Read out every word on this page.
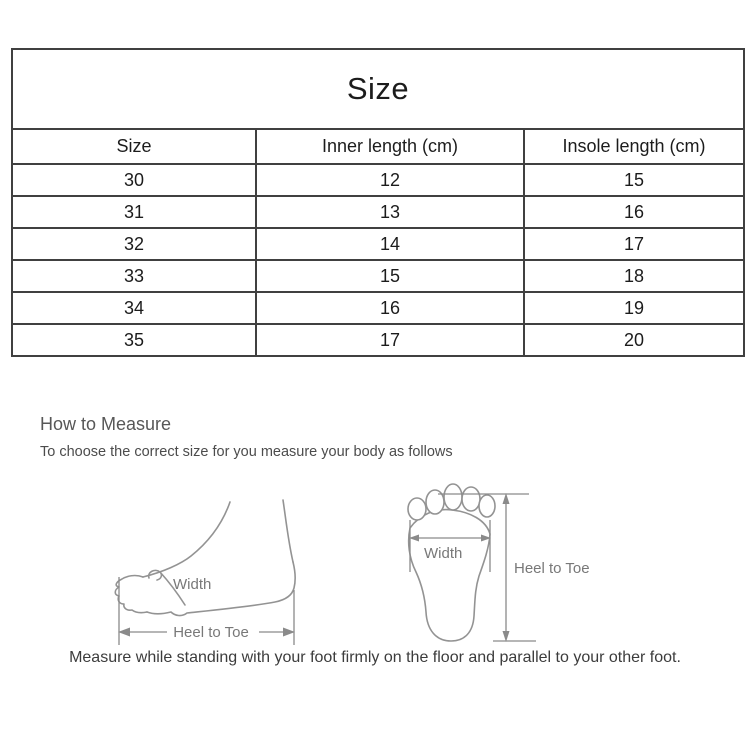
Size		
Size	Inner length (cm)	Insole length (cm)
30	12	15
31	13	16
32	14	17
33	15	18
34	16	19
35	17	20
How to Measure
To choose the correct size for you measure your body as follows
Width
Heel to Toe
Width
Heel to Toe
Measure while standing with your foot firmly on the floor and parallel to your other foot.
